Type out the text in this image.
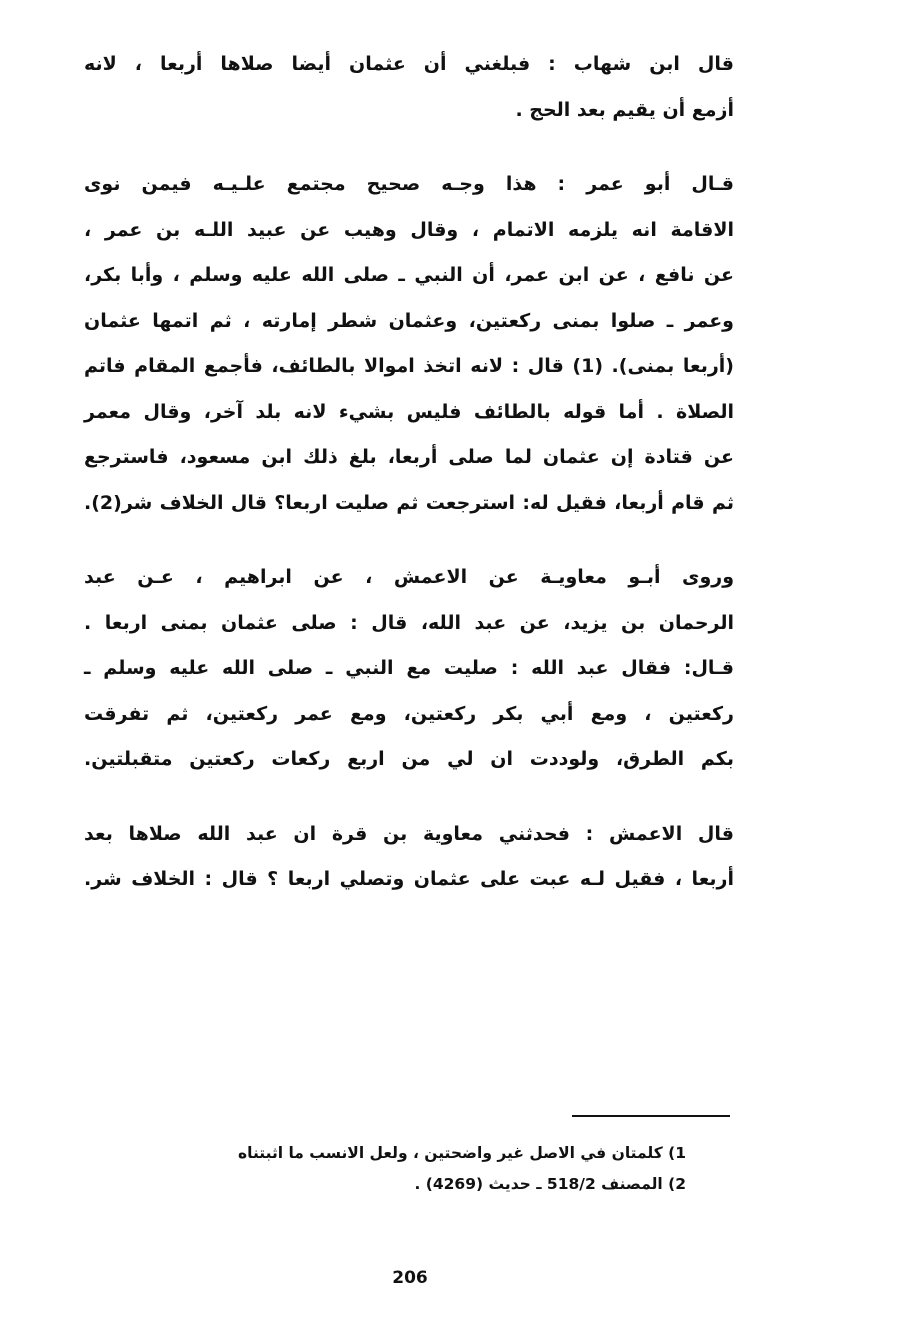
قال ابن شهاب : فبلغني أن عثمان أيضا صلاها أربعا ، لانه
أزمع أن يقيم بعد الحج .

قـال أبو عمر : هذا وجـه صحيح مجتمع علـيـه فيمن نوى
الاقامة انه يلزمه الاتمام ، وقال وهيب عن عبيد اللـه بن عمر ،
عن نافع ، عن ابن عمر، أن النبي ـ صلى الله عليه وسلم ، وأبا بكر،
وعمر ـ صلوا بمنى ركعتين، وعثمان شطر إمارته ، ثم اتمها عثمان
(أربعا بمنى). (1) قال : لانه اتخذ اموالا بالطائف، فأجمع المقام فاتم
الصلاة . أما قوله بالطائف فليس بشيء لانه بلد آخر، وقال معمر
عن قتادة إن عثمان لما صلى أربعا، بلغ ذلك ابن مسعود، فاسترجع
ثم قام أربعا، فقيل له: استرجعت ثم صليت اربعا؟ قال الخلاف شر(2).

وروى أبـو معاويـة عن الاعمش ، عن ابراهيم ، عـن عبد
الرحمان بن يزيد، عن عبد الله، قال : صلى عثمان بمنى اربعا .
قـال: فقال عبد الله : صليت مع النبي ـ صلى الله عليه وسلم ـ
ركعتين ، ومع أبي بكر ركعتين، ومع عمر ركعتين، ثم تفرقت
بكم الطرق، ولوددت ان لي من اربع ركعات ركعتين متقبلتين.

قال الاعمش : فحدثني معاوية بن قرة ان عبد الله صلاها بعد
أربعا ، فقيل لـه عبت على عثمان وتصلي اربعا ؟ قال : الخلاف شر.

1) كلمتان في الاصل غير واضحتين ، ولعل الانسب ما اثبتناه
2) المصنف 518/2 ـ حديث (4269) .
206
